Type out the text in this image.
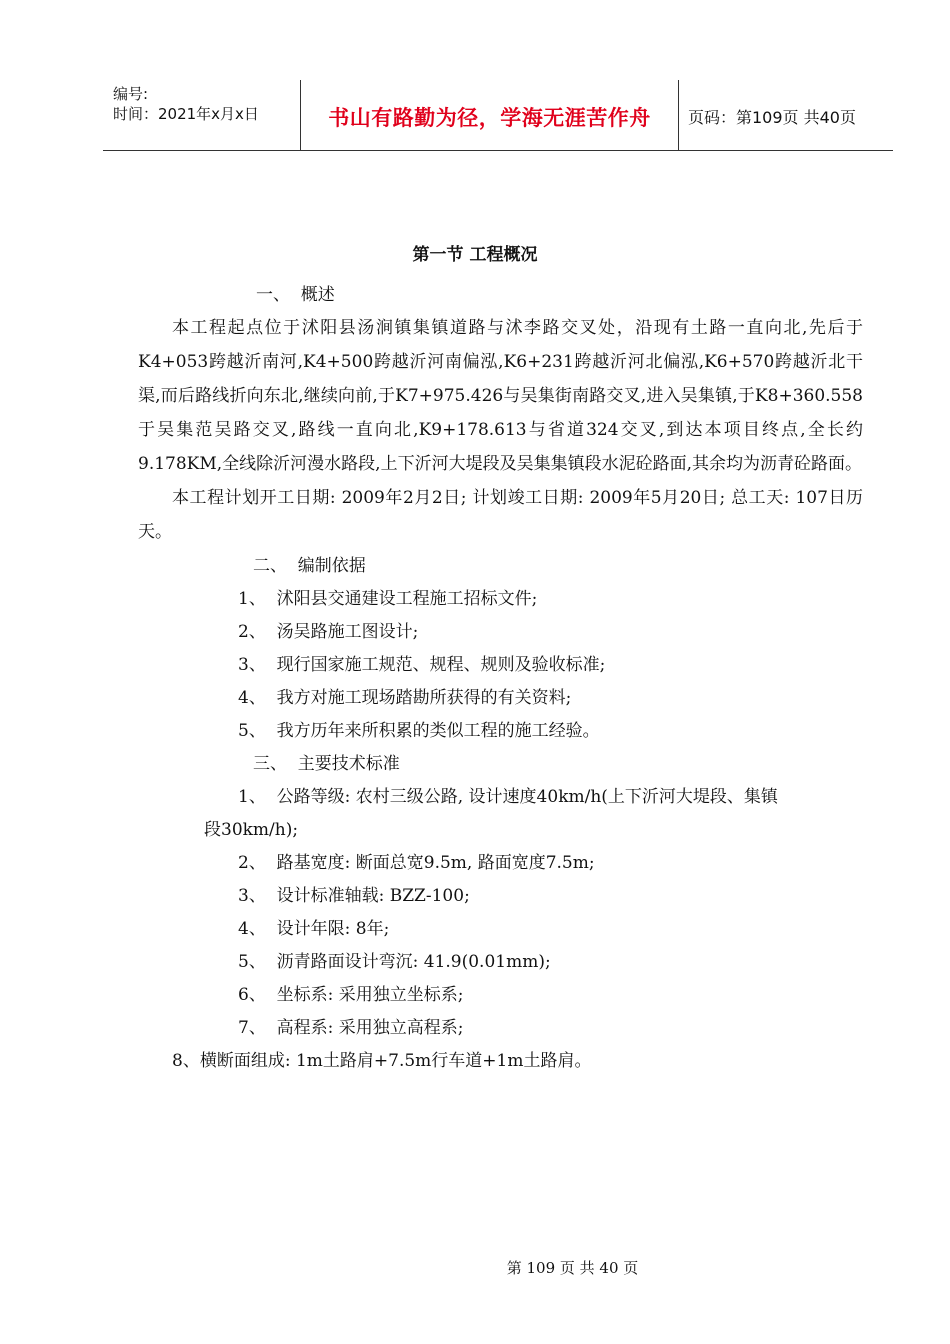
编号:
时间：2021年x月x日	书山有路勤为径，学海无涯苦作舟	页码：第109页 共40页
第一节 工程概况
一、  概述

本工程起点位于沭阳县汤涧镇集镇道路与沭李路交叉处，沿现有土路一直向北,先后于K4+053跨越沂南河,K4+500跨越沂河南偏泓,K6+231跨越沂河北偏泓,K6+570跨越沂北干渠,而后路线折向东北,继续向前,于K7+975.426与吴集街南路交叉,进入吴集镇,于K8+360.558于吴集范吴路交叉,路线一直向北,K9+178.613与省道324交叉,到达本项目终点,全长约9.178KM,全线除沂河漫水路段,上下沂河大堤段及吴集集镇段水泥砼路面,其余均为沥青砼路面。

本工程计划开工日期: 2009年2月2日; 计划竣工日期: 2009年5月20日; 总工天: 107日历天。

二、  编制依据
1、  沭阳县交通建设工程施工招标文件;
2、  汤吴路施工图设计;
3、  现行国家施工规范、规程、规则及验收标准;
4、  我方对施工现场踏勘所获得的有关资料;
5、  我方历年来所积累的类似工程的施工经验。
三、  主要技术标准
1、  公路等级: 农村三级公路, 设计速度40km/h(上下沂河大堤段、集镇
段30km/h);
2、  路基宽度: 断面总宽9.5m, 路面宽度7.5m;
3、  设计标准轴载: BZZ-100;
4、  设计年限: 8年;
5、  沥青路面设计弯沉: 41.9(0.01mm);
6、  坐标系: 采用独立坐标系;
7、  高程系: 采用独立高程系;
8、横断面组成: 1m土路肩+7.5m行车道+1m土路肩。
第 109 页 共 40 页
